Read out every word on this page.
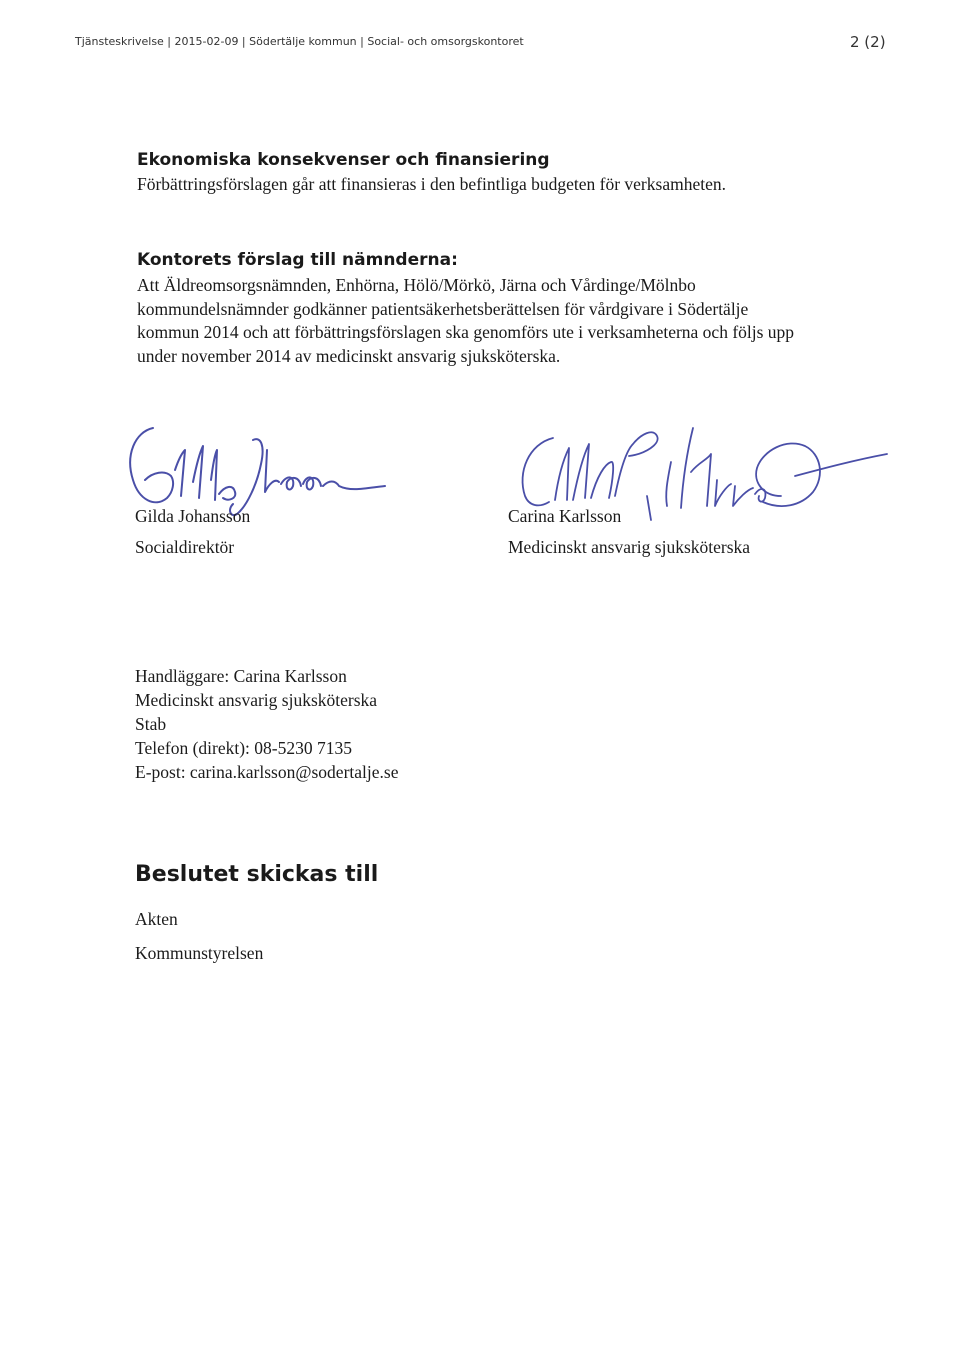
Tjänsteskrivelse | 2015-02-09 | Södertälje kommun | Social- och omsorgskontoret	2 (2)
Ekonomiska konsekvenser och finansiering

Förbättringsförslagen går att finansieras i den befintliga budgeten för verksamheten.

Kontorets förslag till nämnderna:

Att Äldreomsorgsnämnden, Enhörna, Hölö/Mörkö, Järna och Vårdinge/Mölnbo

kommundelsnämnder godkänner patientsäkerhetsberättelsen för vårdgivare i Södertälje

kommun 2014 och att förbättringsförslagen ska genomförs ute i verksamheterna och följs upp

under november 2014 av medicinskt ansvarig sjuksköterska.

Gilda Johansson
Socialdirektör
Carina Karlsson
Medicinskt ansvarig sjuksköterska

Handläggare: Carina Karlsson

Medicinskt ansvarig sjuksköterska

Stab

Telefon (direkt): 08-5230 7135

E-post: carina.karlsson@sodertalje.se

Beslutet skickas till

Akten

Kommunstyrelsen
